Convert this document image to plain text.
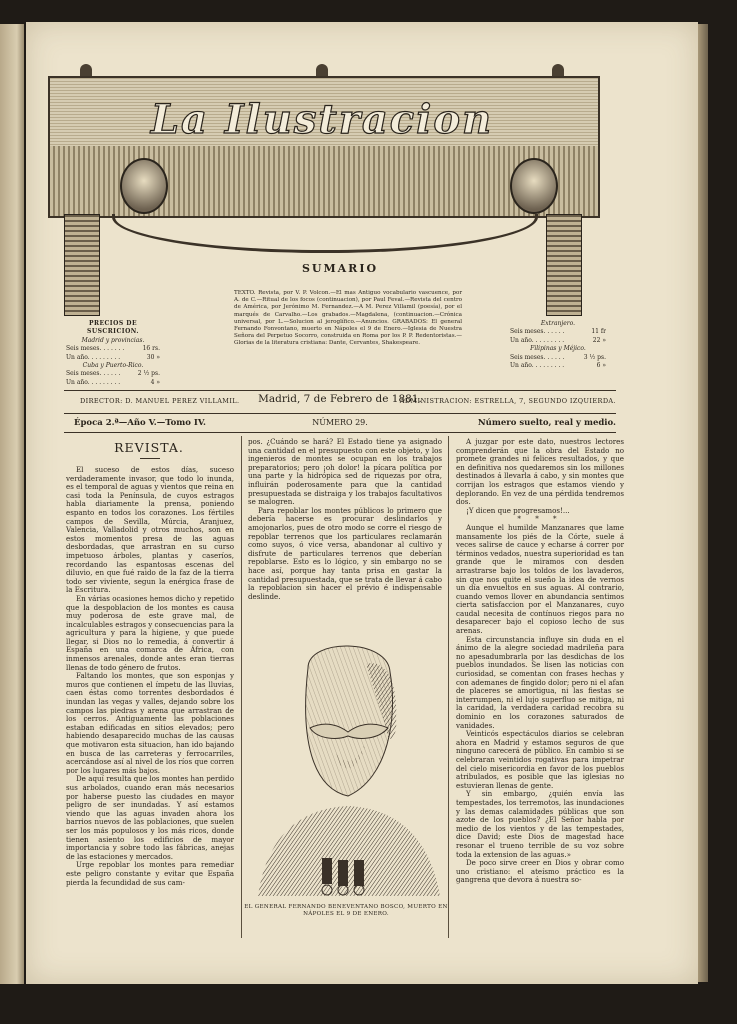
La Ilustracion
SUMARIO
TEXTO. Revista, por V. P. Volcon.—El mas Antiguo vocabulario vascuence, por A. de C.—Ritual de los focos (continuacion), por Paul Feval.—Revista del centro de América, por Jerónimo M. Fernandez.—A M. Perez Villamil (poesía), por el marqués de Carvalho.—Los grabados.—Magdalena, (continuacion.—Crónica universal, por L.—Solucion al jeroglífico.—Anuncios. GRABADOS: El general Fernando Fonvontano, muerto en Nápoles el 9 de Enero.—Iglesia de Nuestra Señora del Perpetuo Socorro, construida en Roma por los P. P. Redentoristas.—Glorias de la literatura cristiana: Dante, Cervantes, Shakespeare.
PRECIOS DE SUSCRICION.
Madrid y provincias.
Seis meses. . . . . . .	16 rs.
Un año. . . . . . . . .	30 »
Cuba y Puerto-Rico.
Seis meses. . . . . .	2 ½ ps.
Un año. . . . . . . . .	4 »
Extranjero.
Seis meses. . . . . .	11 fr
Un año. . . . . . . . .	22 »
Filipinas y Méjico.
Seis meses. . . . . .	3 ½ ps.
Un año. . . . . . . . .	6 »
DIRECTOR: D. MANUEL PEREZ VILLAMIL.	Madrid, 7 de Febrero de 1881.
ADMINISTRACION: ESTRELLA, 7, SEGUNDO IZQUIERDA.
Época 2.ª—Año V.—Tomo IV.	NÚMERO 29.	Número suelto, real y medio.
REVISTA.

El suceso de estos días, suceso verdaderamente invasor, que todo lo inunda, es el temporal de aguas y vientos que reina en casi toda la Península, de cuyos estragos habla diariamente la prensa, poniendo espanto en todos los corazones. Los fértiles campos de Sevilla, Múrcia, Aranjuez, Valencia, Valladolid y otros muchos, son en estos momentos presa de las aguas desbordadas, que arrastran en su curso impetuoso árboles, plantas y caseríos, recordando las espantosas escenas del diluvio, en que fué raido de la faz de la tierra todo ser viviente, segun la enérgica frase de la Escritura.

En várias ocasiones hemos dicho y repetido que la despoblacion de los montes es causa muy poderosa de este grave mal, de incalculables estragos y consecuencias para la agricultura y para la higiene, y que puede llegar, si Dios no lo remedia, á convertir á España en una comarca de África, con inmensos arenales, donde antes eran tierras llenas de todo género de frutos.

Faltando los montes, que son esponjas y muros que contienen el ímpetu de las lluvias, caen éstas como torrentes desbordados é inundan las vegas y valles, dejando sobre los campos las piedras y arena que arrastran de los cerros. Antiguamente las poblaciones estaban edificadas en sitios elevados; pero habiendo desaparecido muchas de las causas que motivaron esta situacion, han ido bajando en busca de las carreteras y ferrocarriles, acercándose así al nivel de los ríos que corren por los lugares más bajos.

De aquí resulta que los montes han perdido sus arbolados, cuando eran más necesarios por haberse puesto las ciudades en mayor peligro de ser inundadas. Y así estamos viendo que las aguas invaden ahora los barrios nuevos de las poblaciones, que suelen ser los más populosos y los más ricos, donde tienen asiento los edificios de mayor importancia y sobre todo las fábricas, anejas de las estaciones y mercados.

Urge repoblar los montes para remediar este peligro constante y evitar que España pierda la fecundidad de sus cam-

pos. ¿Cuándo se hará? El Estado tiene ya asignado una cantidad en el presupuesto con este objeto, y los ingenieros de montes se ocupan en los trabajos preparatorios; pero ¡oh dolor! la pícara política por una parte y la hidrópica sed de riquezas por otra, influirán poderosamente para que la cantidad presupuestada se distraiga y los trabajos facultativos se malogren.

Para repoblar los montes públicos lo primero que debería hacerse es procurar deslindarlos y amojonarlos, pues de otro modo se corre el riesgo de repoblar terrenos que los particulares reclamarán como suyos, ó vice versa, abandonar al cultivo y disfrute de particulares terrenos que deberían repoblarse. Esto es lo lógico, y sin embargo no se hace así, porque hay tanta prisa en gastar la cantidad presupuestada, que se trata de llevar á cabo la repoblacion sin hacer el prévio é indispensable deslinde.

EL GENERAL FERNANDO BENEVENTANO BOSCO, MUERTO EN NÁPOLES EL 9 DE ENERO.

A juzgar por este dato, nuestros lectores comprenderán que la obra del Estado no promete grandes ni felices resultados, y que en definitiva nos quedaremos sin los millones destinados á llevarla á cabo, y sin montes que corrijan los estragos que estamos viendo y deplorando. En vez de una pérdida tendremos dos.

¡Y dicen que progresamos!...

* * *

Aunque el humilde Manzanares que lame mansamente los piés de la Córte, suele á veces salirse de cauce y echarse á correr por términos vedados, nuestra superioridad es tan grande que le miramos con desden arrastrarse bajo los toldos de los lavaderos, sin que nos quite el sueño la idea de vernos un día envueltos en sus aguas. Al contrario, cuando vemos llover en abundancia sentimos cierta satisfaccion por el Manzanares, cuyo caudal necesita de contínuos riegos para no desaparecer bajo el copioso lecho de sus arenas.

Esta circunstancia influye sin duda en el ánimo de la alegre sociedad madrileña para no apesadumbrarla por las desdichas de los pueblos inundados. Se lisen las noticias con curiosidad, se comentan con frases hechas y con ademanes de fingido dolor; pero ni el afan de placeres se amortigua, ni las fiestas se interrumpen, ni el lujo superfluo se mitiga, ni la caridad, la verdadera caridad recobra su dominio en los corazones saturados de vanidades.

Veinticós espectáculos diarios se celebran ahora en Madrid y estamos seguros de que ninguno carecerá de público. En cambio si se celebraran veintidos rogativas para impetrar del cielo misericordia en favor de los pueblos atribulados, es posible que las iglesias no estuvieran llenas de gente.

Y sin embargo, ¿quién envía las tempestades, los terremotos, las inundaciones y las demas calamidades públicas que son azote de los pueblos? ¿El Señor habla por medio de los vientos y de las tempestades, dice David; este Dios de magestad hace resonar el trueno terrible de su voz sobre toda la extension de las aguas.»

De poco sirve creer en Dios y obrar como uno cristiano: el ateísmo práctico es la gangrena que devora á nuestra so-
